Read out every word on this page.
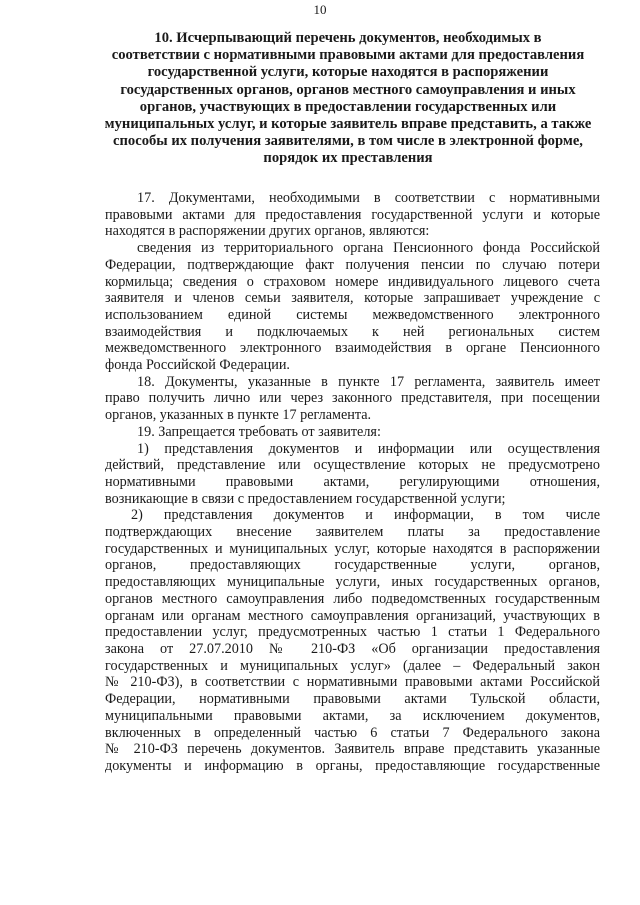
10
10. Исчерпывающий перечень документов, необходимых в
соответствии с нормативными правовыми актами для предоставления
государственной услуги, которые находятся в распоряжении
государственных органов, органов местного самоуправления и иных
органов, участвующих в предоставлении государственных или
муниципальных услуг, и которые заявитель вправе представить, а также
способы их получения заявителями, в том числе в электронной форме,
порядок их преставления
17. Документами, необходимыми в соответствии с нормативными
правовыми актами для предоставления государственной услуги и которые
находятся в распоряжении других органов, являются:
сведения из территориального органа Пенсионного фонда Российской
Федерации, подтверждающие факт получения пенсии по случаю потери
кормильца; сведения о страховом номере индивидуального лицевого счета
заявителя и членов семьи заявителя, которые запрашивает учреждение с
использованием единой системы межведомственного электронного
взаимодействия и подключаемых к ней региональных систем
межведомственного электронного взаимодействия в органе Пенсионного
фонда Российской Федерации.
18. Документы, указанные в пункте 17 регламента, заявитель имеет
право получить лично или через законного представителя, при посещении
органов, указанных в пункте 17 регламента.
19. Запрещается требовать от заявителя:
1) представления документов и информации или осуществления
действий, представление или осуществление которых не предусмотрено
нормативными правовыми актами, регулирующими отношения,
возникающие в связи с предоставлением государственной услуги;
2) представления документов и информации, в том числе
подтверждающих внесение заявителем платы за предоставление
государственных и муниципальных услуг, которые находятся в распоряжении
органов, предоставляющих государственные услуги, органов,
предоставляющих муниципальные услуги, иных государственных органов,
органов местного самоуправления либо подведомственных государственным
органам или органам местного самоуправления организаций, участвующих в
предоставлении услуг, предусмотренных частью 1 статьи 1 Федерального
закона от 27.07.2010 № 210-ФЗ «Об организации предоставления
государственных и муниципальных услуг» (далее – Федеральный закон
№ 210-ФЗ), в соответствии с нормативными правовыми актами Российской
Федерации, нормативными правовыми актами Тульской области,
муниципальными правовыми актами, за исключением документов,
включенных в определенный частью 6 статьи 7 Федерального закона
№ 210-ФЗ перечень документов. Заявитель вправе представить указанные
документы и информацию в органы, предоставляющие государственные
